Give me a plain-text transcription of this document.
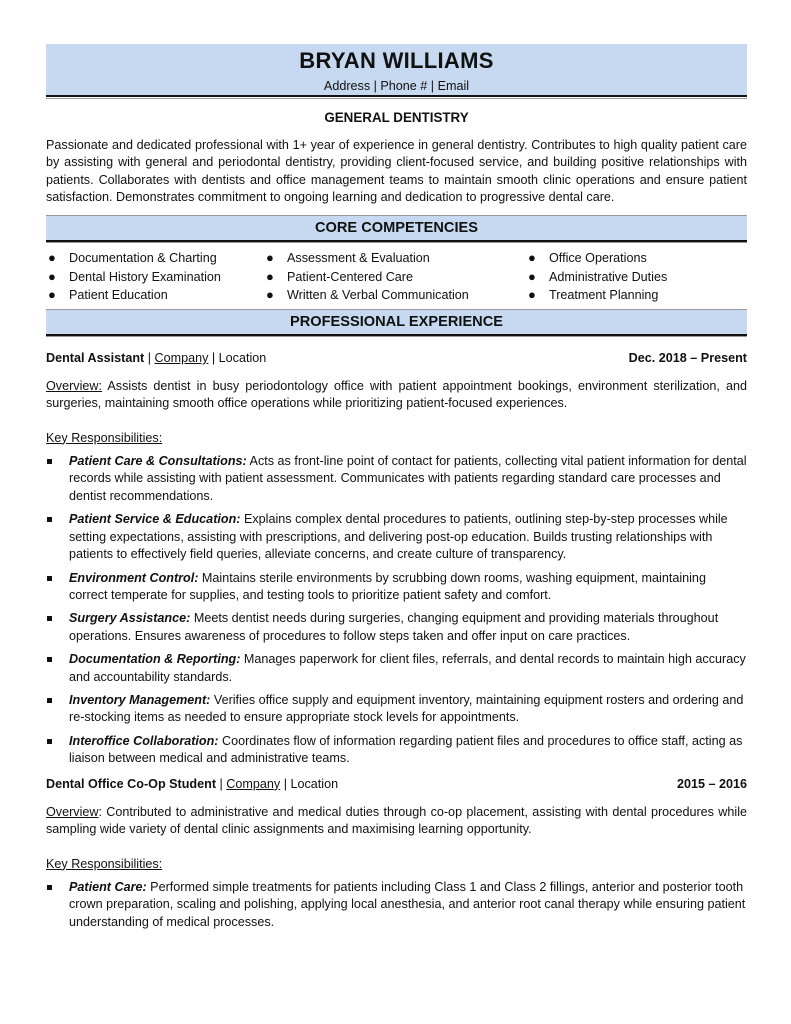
BRYAN WILLIAMS
Address | Phone # | Email
GENERAL DENTISTRY

Passionate and dedicated professional with 1+ year of experience in general dentistry. Contributes to high quality patient care by assisting with general and periodontal dentistry, providing client-focused service, and building positive relationships with patients. Collaborates with dentists and office management teams to maintain smooth clinic operations and ensure patient satisfaction. Demonstrates commitment to ongoing learning and dedication to progressive dental care.

CORE COMPETENCIES
● Documentation & Charting
● Dental History Examination
● Patient Education
● Assessment & Evaluation
● Patient-Centered Care
● Written & Verbal Communication
● Office Operations
● Administrative Duties
● Treatment Planning
PROFESSIONAL EXPERIENCE
Dental Assistant | Company | Location	Dec. 2018 – Present

Overview: Assists dentist in busy periodontology office with patient appointment bookings, environment sterilization, and surgeries, maintaining smooth office operations while prioritizing patient-focused experiences.

Key Responsibilities:
Patient Care & Consultations: Acts as front-line point of contact for patients, collecting vital patient information for dental records while assisting with patient assessment. Communicates with patients regarding standard care processes and dentist recommendations.
Patient Service & Education: Explains complex dental procedures to patients, outlining step-by-step processes while setting expectations, assisting with prescriptions, and delivering post-op education. Builds trusting relationships with patients to effectively field queries, alleviate concerns, and create culture of transparency.
Environment Control: Maintains sterile environments by scrubbing down rooms, washing equipment, maintaining correct temperate for supplies, and testing tools to prioritize patient safety and comfort.
Surgery Assistance: Meets dentist needs during surgeries, changing equipment and providing materials throughout operations. Ensures awareness of procedures to follow steps taken and offer input on care practices.
Documentation & Reporting: Manages paperwork for client files, referrals, and dental records to maintain high accuracy and accountability standards.
Inventory Management: Verifies office supply and equipment inventory, maintaining equipment rosters and ordering and re-stocking items as needed to ensure appropriate stock levels for appointments.
Interoffice Collaboration: Coordinates flow of information regarding patient files and procedures to office staff, acting as liaison between medical and administrative teams.
Dental Office Co-Op Student | Company | Location	2015 – 2016

Overview: Contributed to administrative and medical duties through co-op placement, assisting with dental procedures while sampling wide variety of dental clinic assignments and maximising learning opportunity.

Key Responsibilities:
Patient Care: Performed simple treatments for patients including Class 1 and Class 2 fillings, anterior and posterior tooth crown preparation, scaling and polishing, applying local anesthesia, and anterior root canal therapy while ensuring patient understanding of medical processes.
